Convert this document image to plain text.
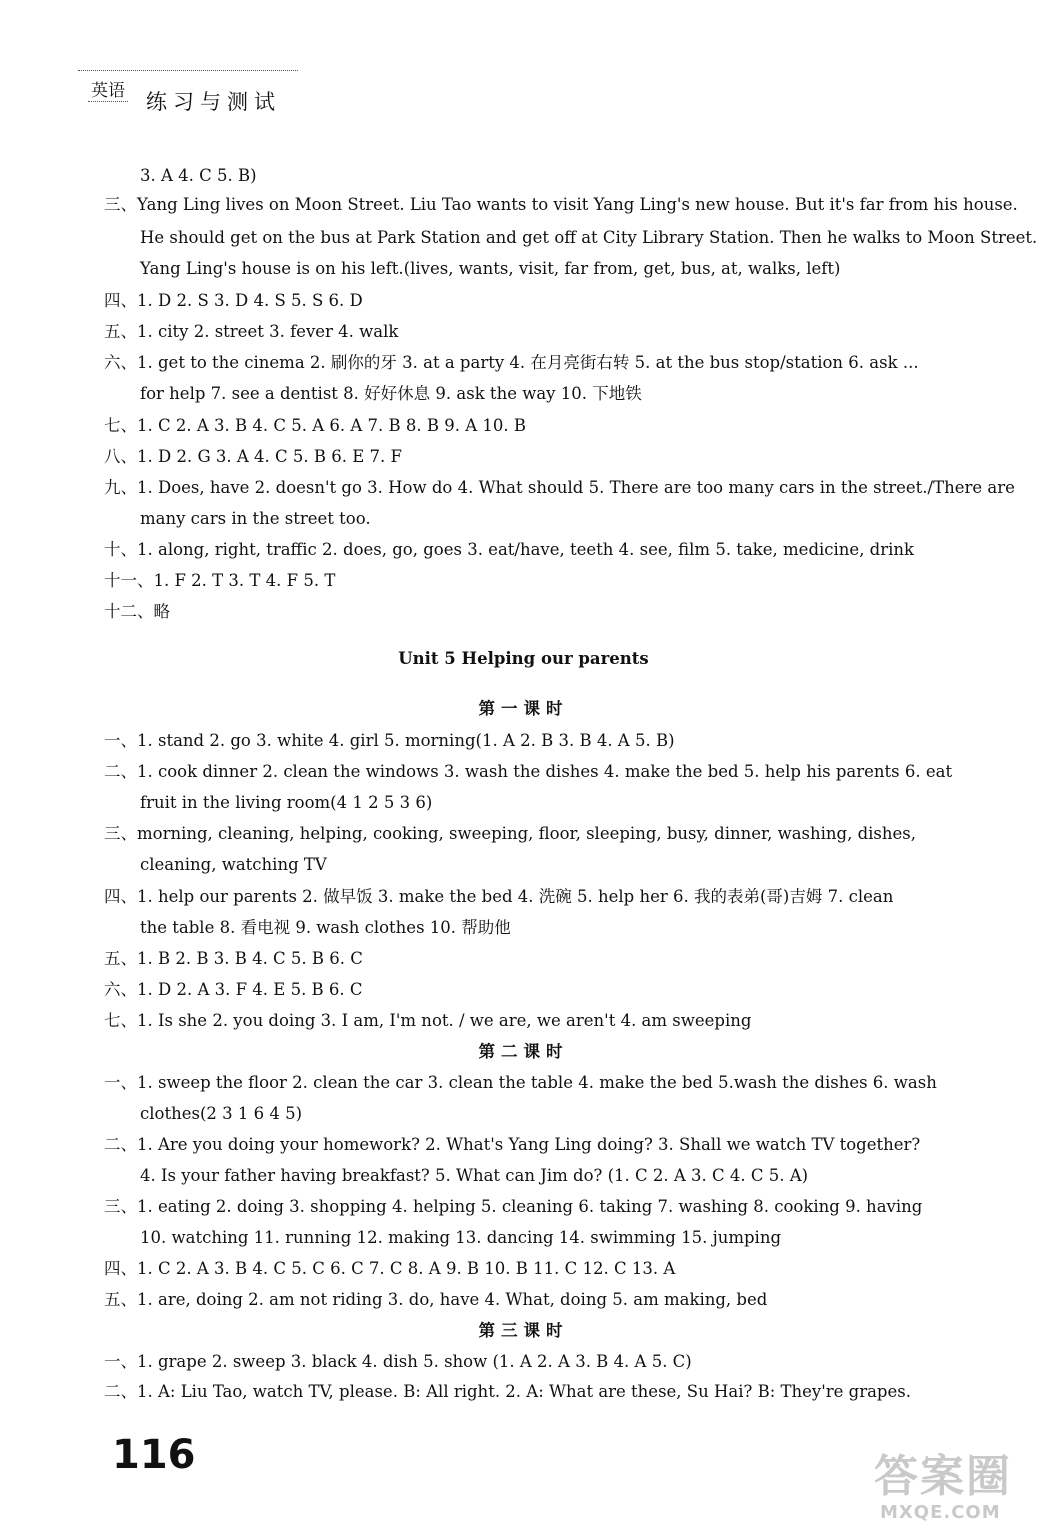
英语 练习与测试
3. A 4. C 5. B)
三、Yang Ling lives on Moon Street. Liu Tao wants to visit Yang Ling's new house. But it's far from his house.
He should get on the bus at Park Station and get off at City Library Station. Then he walks to Moon Street.
Yang Ling's house is on his left.(lives, wants, visit, far from, get, bus, at, walks, left)
四、1. D 2. S 3. D 4. S 5. S 6. D
五、1. city 2. street 3. fever 4. walk
六、1. get to the cinema 2. 刷你的牙 3. at a party 4. 在月亮街右转 5. at the bus stop/station 6. ask ...
for help 7. see a dentist 8. 好好休息 9. ask the way 10. 下地铁
七、1. C 2. A 3. B 4. C 5. A 6. A 7. B 8. B 9. A 10. B
八、1. D 2. G 3. A 4. C 5. B 6. E 7. F
九、1. Does, have 2. doesn't go 3. How do 4. What should 5. There are too many cars in the street./There are
many cars in the street too.
十、1. along, right, traffic 2. does, go, goes 3. eat/have, teeth 4. see, film 5. take, medicine, drink
十一、1. F 2. T 3. T 4. F 5. T
十二、略
Unit 5 Helping our parents
第一课时
一、1. stand 2. go 3. white 4. girl 5. morning(1. A 2. B 3. B 4. A 5. B)
二、1. cook dinner 2. clean the windows 3. wash the dishes 4. make the bed 5. help his parents 6. eat
fruit in the living room(4 1 2 5 3 6)
三、morning, cleaning, helping, cooking, sweeping, floor, sleeping, busy, dinner, washing, dishes,
cleaning, watching TV
四、1. help our parents 2. 做早饭 3. make the bed 4. 洗碗 5. help her 6. 我的表弟(哥)吉姆 7. clean
the table 8. 看电视 9. wash clothes 10. 帮助他
五、1. B 2. B 3. B 4. C 5. B 6. C
六、1. D 2. A 3. F 4. E 5. B 6. C
七、1. Is she 2. you doing 3. I am, I'm not. / we are, we aren't 4. am sweeping
第二课时
一、1. sweep the floor 2. clean the car 3. clean the table 4. make the bed 5.wash the dishes 6. wash
clothes(2 3 1 6 4 5)
二、1. Are you doing your homework? 2. What's Yang Ling doing? 3. Shall we watch TV together?
4. Is your father having breakfast? 5. What can Jim do? (1. C 2. A 3. C 4. C 5. A)
三、1. eating 2. doing 3. shopping 4. helping 5. cleaning 6. taking 7. washing 8. cooking 9. having
10. watching 11. running 12. making 13. dancing 14. swimming 15. jumping
四、1. C 2. A 3. B 4. C 5. C 6. C 7. C 8. A 9. B 10. B 11. C 12. C 13. A
五、1. are, doing 2. am not riding 3. do, have 4. What, doing 5. am making, bed
第三课时
一、1. grape 2. sweep 3. black 4. dish 5. show (1. A 2. A 3. B 4. A 5. C)
二、1. A: Liu Tao, watch TV, please. B: All right. 2. A: What are these, Su Hai? B: They're grapes.
116	答案圈
MXQE.COM
